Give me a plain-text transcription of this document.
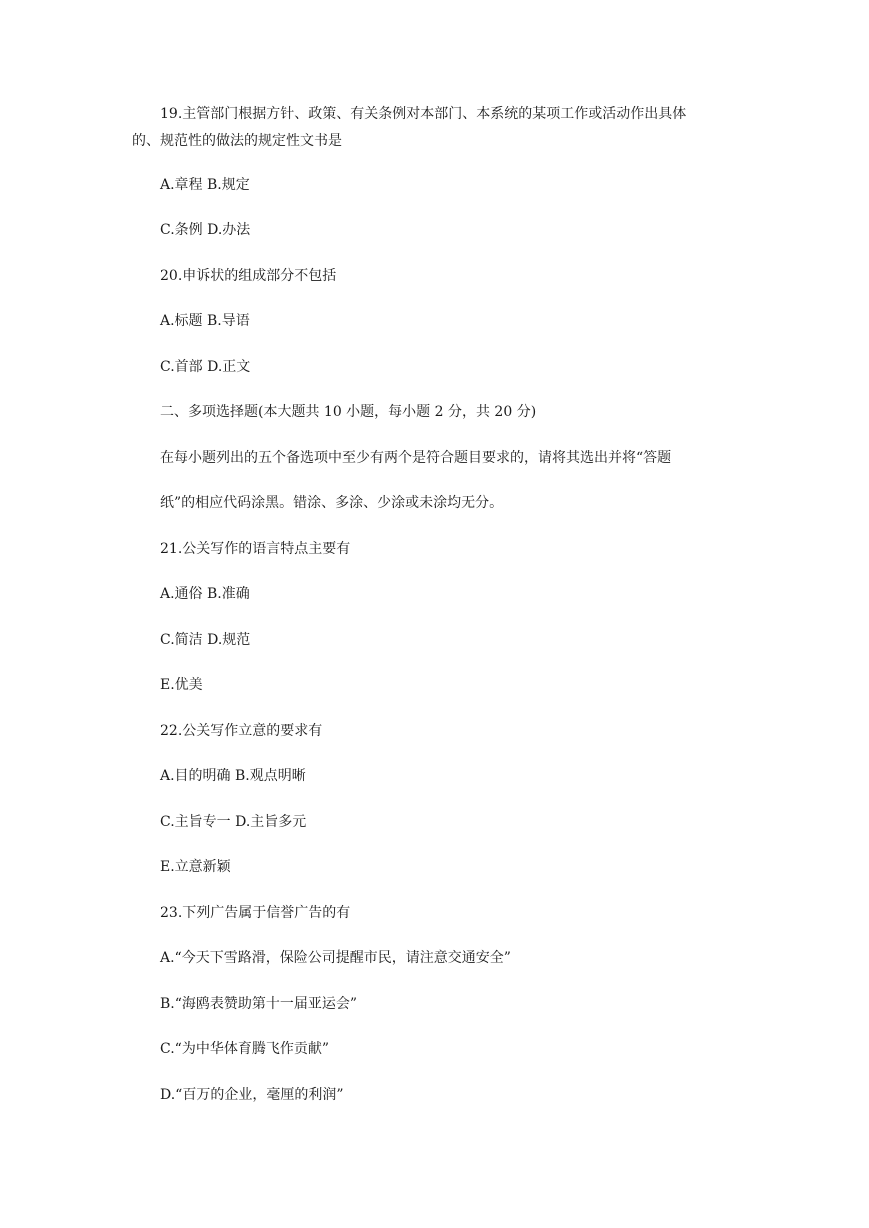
19.主管部门根据方针、政策、有关条例对本部门、本系统的某项工作或活动作出具体
的、规范性的做法的规定性文书是
A.章程 B.规定
C.条例 D.办法
20.申诉状的组成部分不包括
A.标题 B.导语
C.首部 D.正文
二、多项选择题(本大题共 10 小题，每小题 2 分，共 20 分)
在每小题列出的五个备选项中至少有两个是符合题目要求的，请将其选出并将“答题
纸”的相应代码涂黑。错涂、多涂、少涂或未涂均无分。
21.公关写作的语言特点主要有
A.通俗 B.准确
C.简洁 D.规范
E.优美
22.公关写作立意的要求有
A.目的明确 B.观点明晰
C.主旨专一 D.主旨多元
E.立意新颖
23.下列广告属于信誉广告的有
A.“今天下雪路滑，保险公司提醒市民，请注意交通安全”
B.“海鸥表赞助第十一届亚运会”
C.“为中华体育腾飞作贡献”
D.“百万的企业，毫厘的利润”
